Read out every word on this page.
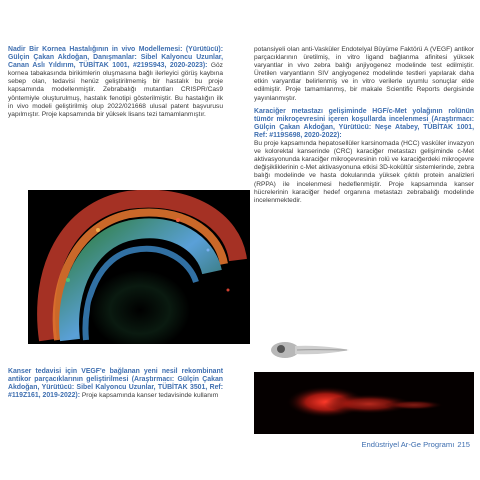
Nadir Bir Kornea Hastalığının in vivo Modellemesi: (Yürütücü): Gülçin Çakan Akdoğan, Danışmanlar: Sibel Kalyoncu Uzunlar, Canan Aslı Yıldırım, TÜBİTAK 1001, #219S943, 2020-2023): Göz kornea tabakasında birikimlerin oluşmasına bağlı ilerleyici görüş kaybına sebep olan, tedavisi henüz geliştirilmemiş bir hastalık bu proje kapsamında modellenmiştir. Zebrabalığı mutantları CRISPR/Cas9 yöntemiyle oluşturulmuş, hastalık fenotipi gösterilmiştir. Bu hastalığın ilk in vivo modeli geliştirilmiş olup 2022/021668 ulusal patent başvurusu yapılmıştır. Proje kapsamında bir yüksek lisans tezi tamamlanmıştır.

Kanser tedavisi için VEGF'e bağlanan yeni nesil rekombinant antikor parçacıklarının geliştirilmesi (Araştırmacı: Gülçin Çakan Akdoğan, Yürütücü: Sibel Kalyoncu Uzunlar, TÜBİTAK 3501, Ref: #119Z161, 2019-2022): Proje kapsamında kanser tedavisinde kullanım

potansiyeli olan anti-Vasküler Endotelyal Büyüme Faktörü A (VEGF) antikor parçacıklarının üretilmiş, in vitro ligand bağlanma afinitesi yüksek varyantlar in vivo zebra balığı anjiyogenez modelinde test edilmiştir. Üretilen varyantların SIV angiyogenez modelinde testleri yapılarak daha etkin varyantlar belirlenmiş ve in vitro verilerle uyumlu sonuçlar elde edilmiştir. Proje tamamlanmış, bir makale Scientific Reports dergisinde yayınlanmıştır.

Karaciğer metastazı gelişiminde HGF/c-Met yolağının rolünün tümör mikroçevresini içeren koşullarda incelenmesi (Araştırmacı: Gülçin Çakan Akdoğan, Yürütücü: Neşe Atabey, TÜBİTAK 1001, Ref: #119S698, 2020-2022):

Bu proje kapsamında hepatosellüler karsinomada (HCC) vasküler invazyon ve kolorektal kanserinde (CRC) karaciğer metastazı gelişiminde c-Met aktivasyonunda karaciğer mikroçevresinin rolü ve karaciğerdeki mikroçevre değişikliklerinin c-Met aktivasyonuna etkisi 3D-kokültür sistemlerinde, zebra balığı modelinde ve hasta dokularında yüksek çıktılı protein analizleri (RPPA) ile incelenmesi hedeflenmiştir. Proje kapsamında kanser hücrelerinin karaciğer hedef organına metastazı zebrabalığı modelinde incelenmektedir.

Endüstriyel Ar-Ge Programı 215
